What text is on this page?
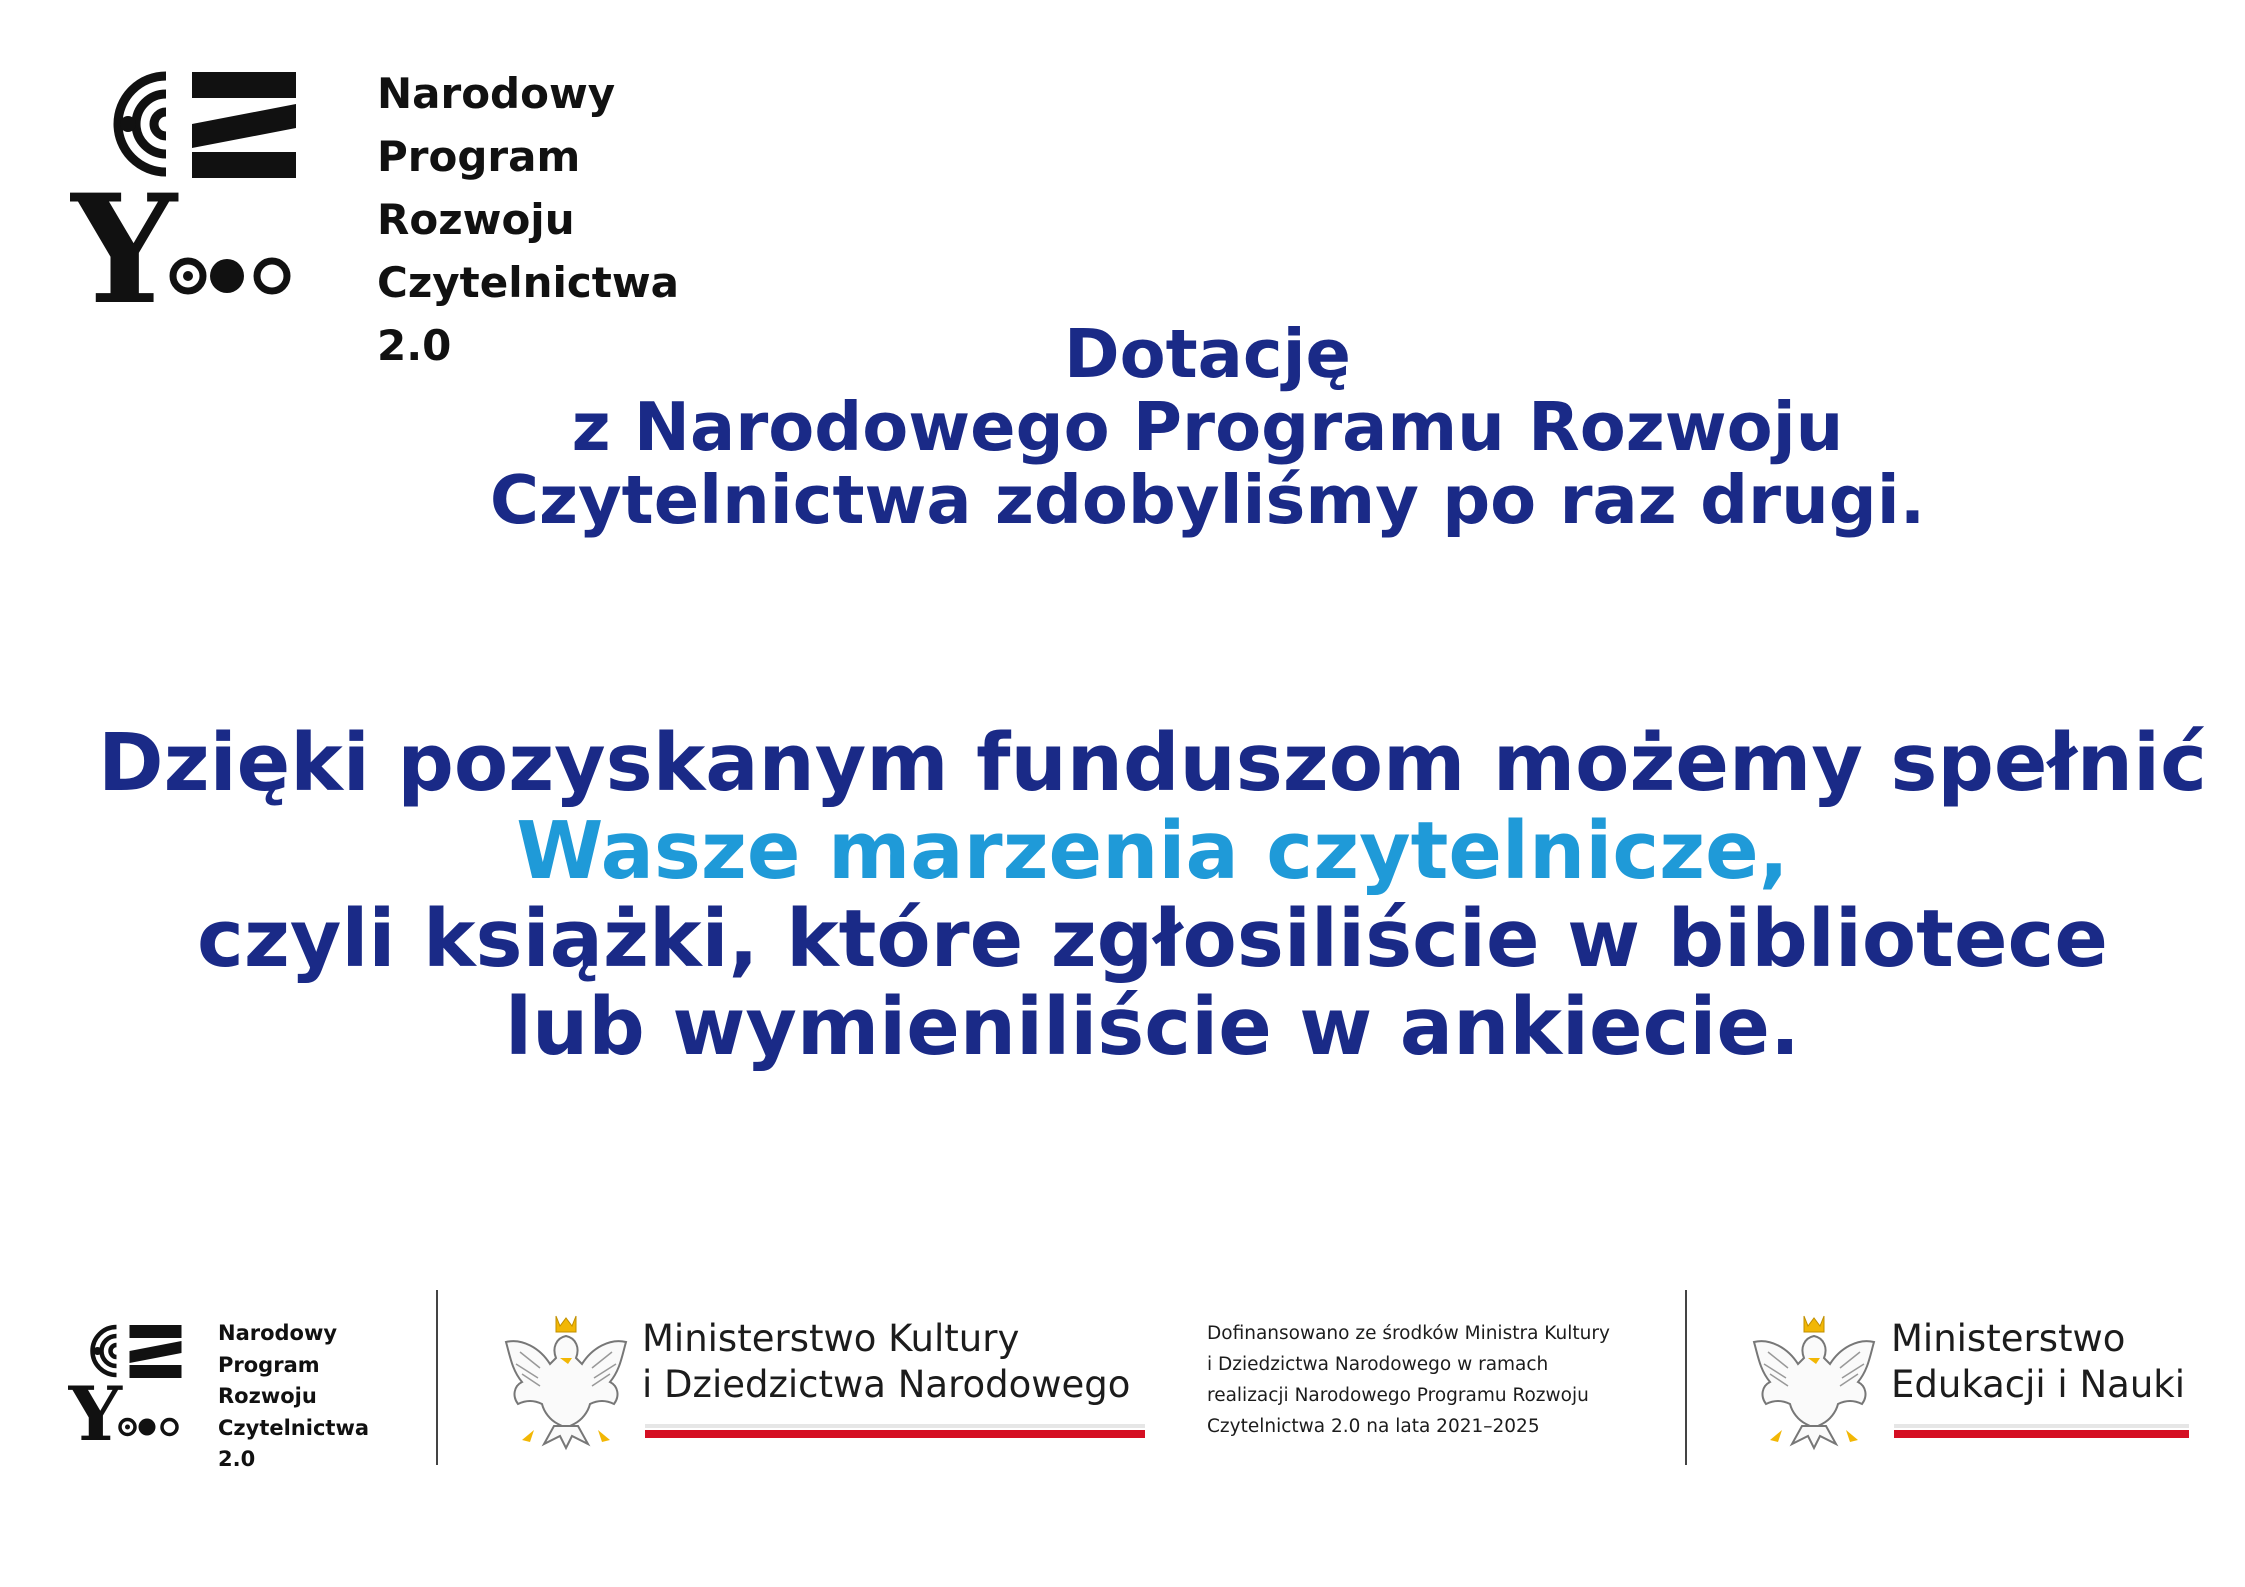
Y
Narodowy
Program
Rozwoju
Czytelnictwa
2.0	Dotację
z Narodowego Programu Rozwoju
Czytelnictwa zdobyliśmy po raz drugi.
Dzięki pozyskanym funduszom możemy spełnić
Wasze marzenia czytelnicze,
czyli książki, które zgłosiliście w bibliotece
lub wymieniliście w ankiecie.
Y
Narodowy
Program
Rozwoju
Czytelnictwa
2.0
Ministerstwo Kultury
i Dziedzictwa Narodowego
Dofinansowano ze środków Ministra Kultury
i Dziedzictwa Narodowego w ramach
realizacji Narodowego Programu Rozwoju
Czytelnictwa 2.0 na lata 2021–2025
Ministerstwo
Edukacji i Nauki
